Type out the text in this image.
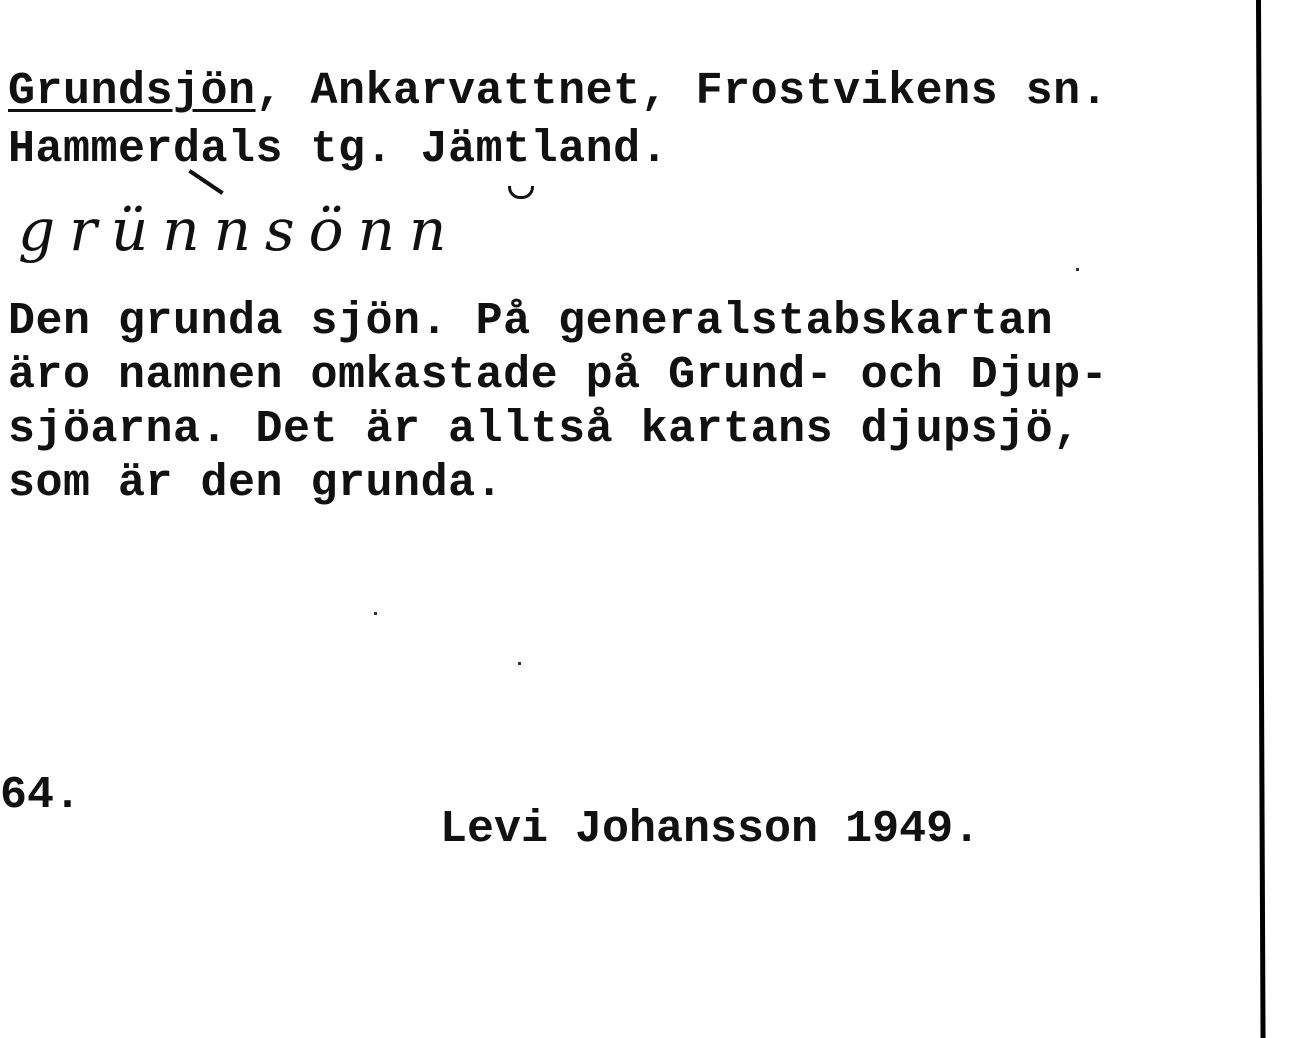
Grundsjön, Ankarvattnet, Frostvikens sn.
Hammerdals tg. Jämtland.
grünnsönn
Den grunda sjön. På generalstabskartan
äro namnen omkastade på Grund- och Djup-
sjöarna. Det är alltså kartans djupsjö,
som är den grunda.
64.
Levi Johansson 1949.
